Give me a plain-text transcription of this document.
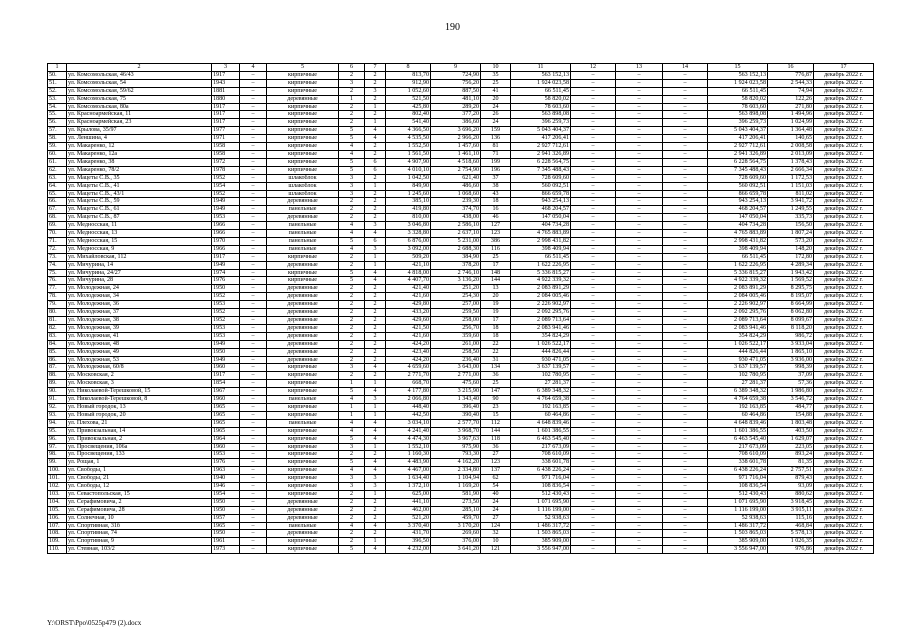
190
1	2	3	4	5	6	7	8	9	10	11	12	13	14	15	16	17
50.	ул. Комсомольская, 46/43	1917	–	кирпичные	2	2	813,70	724,90	35	563 152,13	–	–	–	563 152,13	776,87	декабрь 2022 г.
51.	ул. Комсомольская, 54	1943	–	кирпичные	3	2	912,90	756,20	25	1 924 023,58	–	–	–	1 924 023,58	2 544,33	декабрь 2022 г.
52.	ул. Комсомольская, 59/62	1881	–	кирпичные	2	3	1 052,60	887,50	41	66 511,45	–	–	–	66 511,45	74,94	декабрь 2022 г.
53.	ул. Комсомольская, 75	1880	–	деревянные	1	2	521,50	481,10	20	58 820,02	–	–	–	58 820,02	122,26	декабрь 2022 г.
54.	ул. Комсомольская, 80а	1917	–	кирпичные	2	1	425,80	289,20	24	78 603,60	–	–	–	78 603,60	271,80	декабрь 2022 г.
55.	ул. Красноармейская, 11	1917	–	кирпичные	2	2	802,40	377,20	26	563 898,08	–	–	–	563 898,08	1 494,96	декабрь 2022 г.
56.	ул. Красноармейская, 23	1917	–	кирпичные	2	1	541,40	386,60	24	396 259,73	–	–	–	396 259,73	1 024,99	декабрь 2022 г.
57.	ул. Крылова, 35/97	1977	–	кирпичные	5	4	4 366,50	3 696,20	159	5 043 404,37	–	–	–	5 043 404,37	1 364,48	декабрь 2022 г.
58.	ул. Леншина, 4	1971	–	кирпичные	5	4	4 535,50	2 966,20	136	417 206,41	–	–	–	417 206,41	140,65	декабрь 2022 г.
59.	ул. Макаренко, 12	1958	–	кирпичные	4	2	1 552,50	1 457,60	81	2 927 712,61	–	–	–	2 927 712,61	2 008,58	декабрь 2022 г.
60.	ул. Макаренко, 12а	1958	–	кирпичные	4	2	1 561,50	1 461,10	71	2 941 326,89	–	–	–	2 941 326,89	2 013,09	декабрь 2022 г.
61.	ул. Макаренко, 38	1972	–	кирпичные	5	6	4 907,90	4 518,60	199	6 228 564,75	–	–	–	6 228 564,75	1 378,43	декабрь 2022 г.
62.	ул. Макаренко, 78/2	1978	–	кирпичные	5	6	4 010,10	2 754,90	196	7 345 488,43	–	–	–	7 345 488,43	2 666,34	декабрь 2022 г.
63.	ул. Мацеты С.В., 35	1952	–	шлакоблок	3	2	1 042,50	621,40	37	728 609,60	–	–	–	728 609,60	1 172,53	декабрь 2022 г.
64.	ул. Мацеты С.В., 41	1954	–	шлакоблок	3	1	849,90	486,60	38	560 092,51	–	–	–	560 092,51	1 151,03	декабрь 2022 г.
65.	ул. Мацеты С.В., 43/1	1952	–	шлакоблок	3	2	1 245,60	1 068,60	43	866 659,78	–	–	–	866 659,78	811,02	декабрь 2022 г.
66.	ул. Мацеты С.В., 59	1949	–	деревянные	2	2	385,10	239,30	18	943 254,13	–	–	–	943 254,13	3 941,72	декабрь 2022 г.
67.	ул. Мацеты С.В., 61	1949	–	панельные	2	2	419,80	374,70	16	468 204,57	–	–	–	468 204,57	1 249,55	декабрь 2022 г.
68.	ул. Мацеты С.В., 87	1953	–	деревянные	2	2	810,00	438,00	46	147 050,04	–	–	–	147 050,04	335,73	декабрь 2022 г.
69.	ул. Медносская, 11	1966	–	панельные	4	3	3 046,80	2 586,10	127	404 734,28	–	–	–	404 734,28	156,50	декабрь 2022 г.
70.	ул. Медносская, 13	1966	–	панельные	4	4	3 328,80	2 637,10	123	4 765 883,89	–	–	–	4 765 883,89	1 807,24	декабрь 2022 г.
71.	ул. Медносская, 15	1970	–	панельные	5	6	6 876,00	5 231,00	386	2 998 431,82	–	–	–	2 998 431,82	573,20	декабрь 2022 г.
72.	ул. Медносская, 9	1966	–	панельные	4	3	3 092,00	2 688,30	116	398 409,94	–	–	–	398 409,94	148,20	декабрь 2022 г.
73.	ул. Михайловская, 112	1917	–	кирпичные	2	1	509,20	384,90	25	66 511,45	–	–	–	66 511,45	172,80	декабрь 2022 г.
74.	ул. Мичурина, 14	1949	–	деревянные	2	1	421,10	378,20	17	1 622 226,95	–	–	–	1 622 226,95	4 289,34	декабрь 2022 г.
75.	ул. Мичурина, 24/27	1974	–	кирпичные	5	4	4 818,00	2 746,10	148	5 336 815,27	–	–	–	5 336 815,27	1 943,42	декабрь 2022 г.
76.	ул. Мичурина, 28	1976	–	кирпичные	5	4	4 407,70	3 136,20	144	4 922 339,32	–	–	–	4 922 339,32	1 569,52	декабрь 2022 г.
77.	ул. Молодежная, 24	1950	–	деревянные	2	2	421,40	251,20	13	2 083 891,29	–	–	–	2 083 891,29	8 295,75	декабрь 2022 г.
78.	ул. Молодежная, 34	1952	–	деревянные	2	2	421,60	254,30	20	2 084 005,46	–	–	–	2 084 005,46	8 195,07	декабрь 2022 г.
79.	ул. Молодежная, 36	1953	–	деревянные	2	2	429,80	257,00	19	2 226 902,97	–	–	–	2 226 902,97	8 664,99	декабрь 2022 г.
80.	ул. Молодежная, 37	1952	–	деревянные	2	2	433,20	259,50	19	2 092 295,76	–	–	–	2 092 295,76	8 062,80	декабрь 2022 г.
81.	ул. Молодежная, 38	1952	–	деревянные	2	2	429,60	258,00	17	2 089 713,64	–	–	–	2 089 713,64	8 099,67	декабрь 2022 г.
82.	ул. Молодежная, 39	1953	–	деревянные	2	2	421,50	256,70	18	2 083 941,46	–	–	–	2 083 941,46	8 118,20	декабрь 2022 г.
83.	ул. Молодежная, 41	1953	–	деревянные	2	2	421,60	359,60	18	354 824,29	–	–	–	354 824,29	986,72	декабрь 2022 г.
84.	ул. Молодежная, 48	1949	–	деревянные	2	2	424,20	261,00	22	1 026 522,17	–	–	–	1 026 522,17	3 933,04	декабрь 2022 г.
85.	ул. Молодежная, 49	1950	–	деревянные	2	2	423,40	258,50	22	444 826,44	–	–	–	444 826,44	1 865,10	декабрь 2022 г.
86.	ул. Молодежная, 53	1949	–	деревянные	2	2	424,20	236,40	31	930 471,05	–	–	–	930 471,05	3 936,00	декабрь 2022 г.
87.	ул. Молодежная, 60/8	1960	–	кирпичные	3	4	4 659,60	3 643,00	134	3 637 139,57	–	–	–	3 637 139,57	998,39	декабрь 2022 г.
88.	ул. Московская, 2	1917	–	кирпичные	2	2	2 771,70	2 771,00	36	102 780,95	–	–	–	102 780,95	37,09	декабрь 2022 г.
89.	ул. Московская, 3	1854	–	кирпичные	1	1	668,70	475,60	25	27 281,37	–	–	–	27 281,37	57,36	декабрь 2022 г.
90.	ул. Николаевой-Терешковой, 15	1967	–	кирпичные	5	4	4 177,80	3 215,90	147	6 389 348,32	–	–	–	6 389 348,32	1 986,80	декабрь 2022 г.
91.	ул. Николаевой-Терешковой, 8	1960	–	панельные	4	3	2 066,80	1 343,40	90	4 764 659,38	–	–	–	4 764 659,38	3 546,72	декабрь 2022 г.
92.	ул. Новый городок, 13	1965	–	кирпичные	1	1	448,40	396,40	23	192 163,85	–	–	–	192 163,85	484,77	декабрь 2022 г.
93.	ул. Новый городок, 20	1965	–	кирпичные	1	1	442,50	390,40	15	60 464,86	–	–	–	60 464,86	154,88	декабрь 2022 г.
94.	ул. Плехова, 21	1965	–	панельные	4	4	3 034,10	2 577,70	112	4 648 839,46	–	–	–	4 648 839,46	1 803,48	декабрь 2022 г.
95.	ул. Привокзальная, 14	1965	–	кирпичные	4	4	4 241,40	3 968,70	144	1 601 386,55	–	–	–	1 601 386,55	403,50	декабрь 2022 г.
96.	ул. Привокзальная, 2	1964	–	кирпичные	5	4	4 474,30	3 967,63	118	6 463 545,40	–	–	–	6 463 545,40	1 629,07	декабрь 2022 г.
97.	ул. Просвещения, 106а	1960	–	кирпичные	3	1	1 552,10	975,90	36	217 673,09	–	–	–	217 673,09	223,05	декабрь 2022 г.
98.	ул. Просвещения, 133	1953	–	кирпичные	2	2	1 160,30	793,30	27	708 610,09	–	–	–	708 610,09	893,24	декабрь 2022 г.
99.	ул. Рощая, 1	1976	–	кирпичные	5	4	4 483,90	4 162,20	123	338 601,78	–	–	–	338 601,78	81,35	декабрь 2022 г.
100.	ул. Свободы, 1	1963	–	кирпичные	4	4	4 467,00	2 334,80	137	6 438 226,24	–	–	–	6 438 226,24	2 757,51	декабрь 2022 г.
101.	ул. Свободы, 21	1940	–	кирпичные	3	3	1 634,40	1 104,94	62	971 716,04	–	–	–	971 716,04	879,43	декабрь 2022 г.
102.	ул. Свободы, 12	1946	–	кирпичные	3	3	1 372,10	1 169,20	54	108 836,54	–	–	–	108 836,54	93,09	декабрь 2022 г.
103.	ул. Севастопольская, 15	1954	–	кирпичные	2	1	625,00	581,90	40	512 430,43	–	–	–	512 430,43	880,62	декабрь 2022 г.
104.	ул. Серафимовича, 2	1950	–	деревянные	2	2	441,10	273,50	24	1 071 695,90	–	–	–	1 071 695,90	3 918,45	декабрь 2022 г.
105.	ул. Серафимовича, 28	1950	–	деревянные	2	2	462,00	285,10	24	1 116 199,00	–	–	–	1 116 199,00	3 915,11	декабрь 2022 г.
106.	ул. Солнечная, 10	1957	–	деревянные	2	2	521,20	459,70	27	52 938,63	–	–	–	52 938,63	115,16	декабрь 2022 г.
107.	ул. Спортивная, 31б	1965	–	панельные	4	4	3 370,40	3 170,20	124	1 486 317,72	–	–	–	1 486 317,72	468,84	декабрь 2022 г.
108.	ул. Спортивная, 74	1950	–	деревянные	2	2	431,70	269,60	32	1 503 865,03	–	–	–	1 503 865,03	5 578,13	декабрь 2022 г.
109.	ул. Спортивная, 9	1961	–	кирпичные	2	1	396,50	376,00	10	385 909,00	–	–	–	385 909,00	1 026,35	декабрь 2022 г.
110.	ул. Стевная, 103/2	1973	–	кирпичные	5	4	4 232,00	3 641,20	121	3 556 947,00	–	–	–	3 556 947,00	976,86	декабрь 2022 г.
Y:\ORST\Ppo\0525p479 (2).docx
